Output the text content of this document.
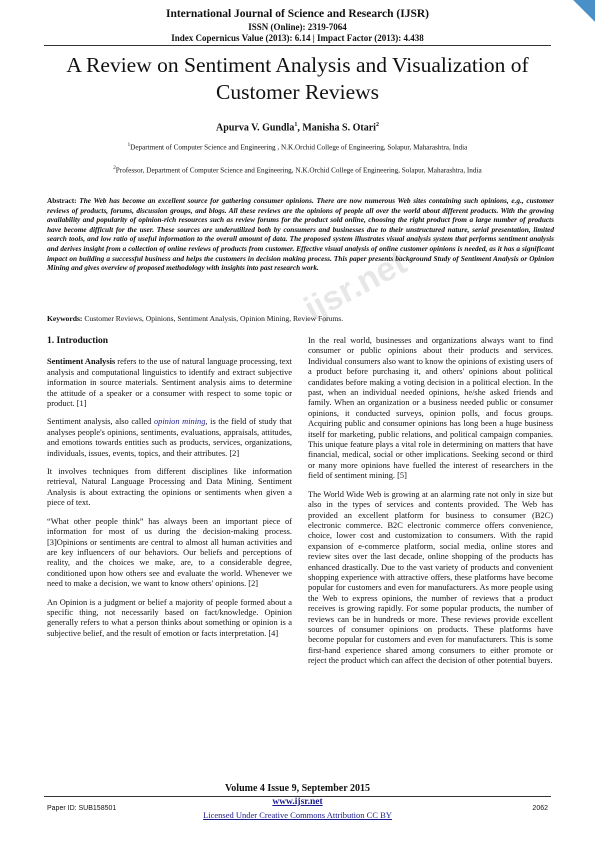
International Journal of Science and Research (IJSR)
ISSN (Online): 2319-7064
Index Copernicus Value (2013): 6.14 | Impact Factor (2013): 4.438
A Review on Sentiment Analysis and Visualization of Customer Reviews
Apurva V. Gundla$^1$, Manisha S. Otari$^2$
$^1$Department of Computer Science and Engineering , N.K.Orchid College of Engineering, Solapur, Maharashtra, India
$^2$Professor, Department of Computer Science and Engineering, N.K.Orchid College of Engineering, Solapur, Maharashtra, India
Abstract: The Web has become an excellent source for gathering consumer opinions. There are now numerous Web sites containing such opinions, e.g., customer reviews of products, forums, discussion groups, and blogs. All these reviews are the opinions of people all over the world about different products. With the growing availability and popularity of opinion-rich resources such as review forums for the product sold online, choosing the right product from a large number of products have become difficult for the user. These sources are underutilized both by consumers and businesses due to their unstructured nature, serial presentation, limited search tools, and low ratio of useful information to the overall amount of data. The proposed system illustrates visual analysis system that performs sentiment analysis and derives insight from a collection of online reviews of products from customer. Effective visual analysis of online customer opinions is needed, as it has a significant impact on building a successful business and helps the customers in decision making process. This paper presents background Study of Sentiment Analysis or Opinion Mining and gives overview of proposed methodology with insights into past research work.
ijsr.net
Keywords: Customer Reviews, Opinions, Sentiment Analysis, Opinion Mining, Review Forums.

1. Introduction

Sentiment Analysis refers to the use of natural language processing, text analysis and computational linguistics to identify and extract subjective information in source materials. Sentiment analysis aims to determine the attitude of a speaker or a consumer with respect to some topic or product. [1]

Sentiment analysis, also called opinion mining, is the field of study that analyses people's opinions, sentiments, evaluations, appraisals, attitudes, and emotions towards entities such as products, services, organizations, individuals, issues, events, topics, and their attributes. [2]

It involves techniques from different disciplines like information retrieval, Natural Language Processing and Data Mining. Sentiment Analysis is about extracting the opinions or sentiments when given a piece of text.

“What other people think” has always been an important piece of information for most of us during the decision-making process. [3]Opinions or sentiments are central to almost all human activities and are key influencers of our behaviors. Our beliefs and perceptions of reality, and the choices we make, are, to a considerable degree, conditioned upon how others see and evaluate the world. Whenever we need to make a decision, we want to know others' opinions. [2]

An Opinion is a judgment or belief a majority of people formed about a specific thing, not necessarily based on fact/knowledge. Opinion generally refers to what a person thinks about something or opinion is a subjective belief, and the result of emotion or facts interpretation. [4]

In the real world, businesses and organizations always want to find consumer or public opinions about their products and services. Individual consumers also want to know the opinions of existing users of a product before purchasing it, and others' opinions about political candidates before making a voting decision in a political election. In the past, when an individual needed opinions, he/she asked friends and family. When an organization or a business needed public or consumer opinions, it conducted surveys, opinion polls, and focus groups. Acquiring public and consumer opinions has long been a huge business itself for marketing, public relations, and political campaign companies. This unique feature plays a vital role in determining on matters that have financial, medical, social or other implications. Seeking second or third or many more opinions have fuelled the interest of researchers in the field of sentiment mining. [5]

The World Wide Web is growing at an alarming rate not only in size but also in the types of services and contents provided. The Web has provided an excellent platform for business to consumer (B2C) electronic commerce. B2C electronic commerce offers convenience, choice, lower cost and customization to consumers. With the rapid expansion of e-commerce platform, social media, online stores and review sites over the last decade, online shopping of the products has enhanced drastically. Due to the vast variety of products and convenient shopping experience with attractive offers, these platforms have become popular for customers and even for manufacturers. As more people using the Web to express opinions, the number of reviews that a product receives is growing rapidly. For some popular products, the number of reviews can be in hundreds or more. These reviews provide excellent sources of consumer opinions on products. These platforms have become popular for customers and even for manufacturers. This is some first-hand experience shared among consumers to either promote or reject the product which can affect the decision of other potential buyers.

Volume 4 Issue 9, September 2015
www.ijsr.net
Licensed Under Creative Commons Attribution CC BY
Paper ID: SUB158501	2062
